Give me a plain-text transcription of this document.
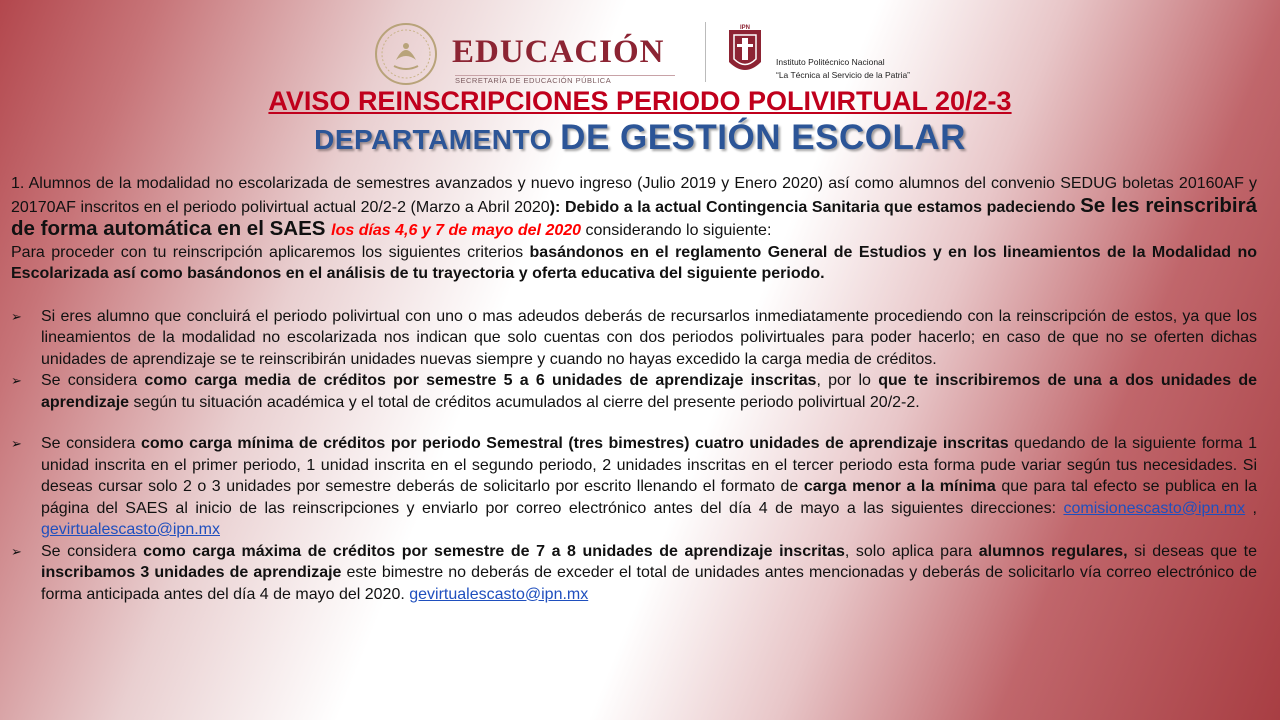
EDUCACIÓN
SECRETARÍA DE EDUCACIÓN PÚBLICA
IPN
Instituto Politécnico Nacional
“La Técnica al Servicio de la Patria”
AVISO REINSCRIPCIONES PERIODO POLIVIRTUAL 20/2-3
DEPARTAMENTO DE GESTIÓN ESCOLAR

1. Alumnos de la modalidad no escolarizada de semestres avanzados y nuevo ingreso (Julio 2019 y Enero 2020) así como alumnos del convenio SEDUG boletas 20160AF y 20170AF inscritos en el periodo polivirtual actual 20/2-2 (Marzo a Abril 2020): Debido a la actual Contingencia Sanitaria que estamos padeciendo Se les reinscribirá de forma automática en el SAES los días 4,6 y 7 de mayo del 2020 considerando lo siguiente:

Para proceder con tu reinscripción aplicaremos los siguientes criterios basándonos en el reglamento General de Estudios y en los lineamientos de la Modalidad no Escolarizada así como basándonos en el análisis de tu trayectoria y oferta educativa del siguiente periodo.

➢ Si eres alumno que concluirá el periodo polivirtual con uno o mas adeudos deberás de recursarlos inmediatamente procediendo con la reinscripción de estos, ya que los lineamientos de la modalidad no escolarizada nos indican que solo cuentas con dos periodos polivirtuales para poder hacerlo; en caso de que no se oferten dichas unidades de aprendizaje se te reinscribirán unidades nuevas siempre y cuando no hayas excedido la carga media de créditos.
➢ Se considera como carga media de créditos por semestre 5 a 6 unidades de aprendizaje inscritas, por lo que te inscribiremos de una a dos unidades de aprendizaje según tu situación académica y el total de créditos acumulados al cierre del presente periodo polivirtual 20/2-2.
➢ Se considera como carga mínima de créditos por periodo Semestral (tres bimestres) cuatro unidades de aprendizaje inscritas quedando de la siguiente forma 1 unidad inscrita en el primer periodo, 1 unidad inscrita en el segundo periodo, 2 unidades inscritas en el tercer periodo esta forma pude variar según tus necesidades. Si deseas cursar solo 2 o 3 unidades por semestre deberás de solicitarlo por escrito llenando el formato de carga menor a la mínima que para tal efecto se publica en la página del SAES al inicio de las reinscripciones y enviarlo por correo electrónico antes del día 4 de mayo a las siguientes direcciones: comisionescasto@ipn.mx , gevirtualescasto@ipn.mx
➢ Se considera como carga máxima de créditos por semestre de 7 a 8 unidades de aprendizaje inscritas, solo aplica para alumnos regulares, si deseas que te inscribamos 3 unidades de aprendizaje este bimestre no deberás de exceder el total de unidades antes mencionadas y deberás de solicitarlo vía correo electrónico de forma anticipada antes del día 4 de mayo del 2020. gevirtualescasto@ipn.mx
